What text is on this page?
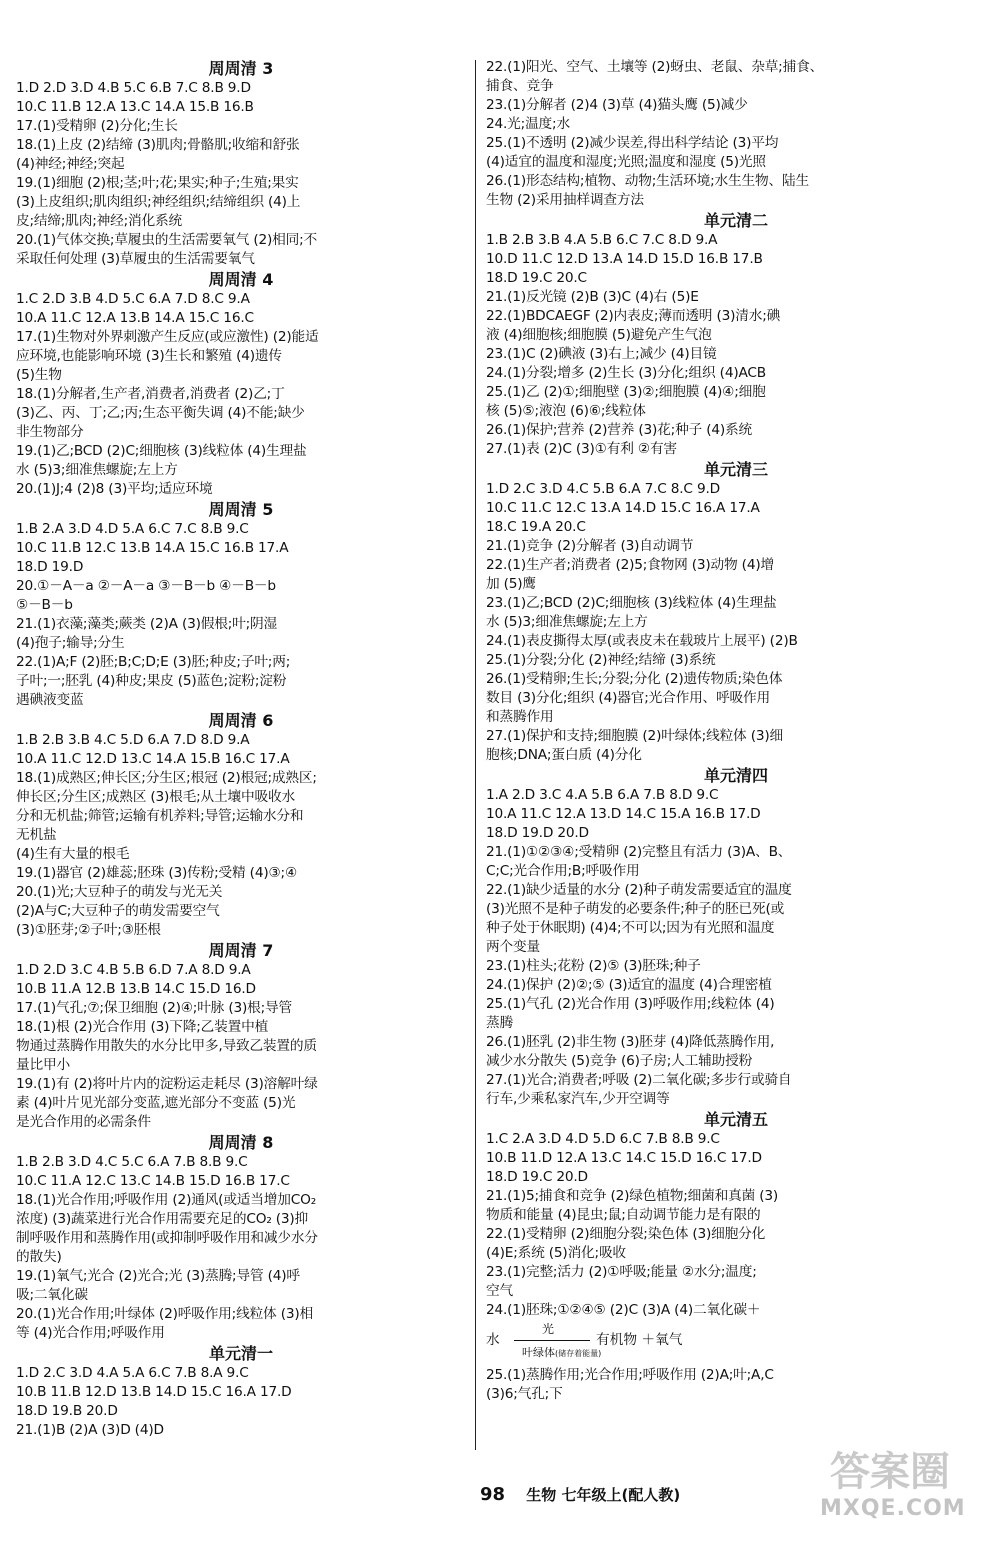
周周清 3
1.D 2.D 3.D 4.B 5.C 6.B 7.C 8.B 9.D
10.C 11.B 12.A 13.C 14.A 15.B 16.B
17.(1)受精卵 (2)分化;生长
18.(1)上皮 (2)结缔 (3)肌肉;骨骼肌;收缩和舒张
(4)神经;神经;突起
19.(1)细胞 (2)根;茎;叶;花;果实;种子;生殖;果实
(3)上皮组织;肌肉组织;神经组织;结缔组织 (4)上
皮;结缔;肌肉;神经;消化系统
20.(1)气体交换;草履虫的生活需要氧气 (2)相同;不
采取任何处理 (3)草履虫的生活需要氧气
周周清 4
1.C 2.D 3.B 4.D 5.C 6.A 7.D 8.C 9.A
10.A 11.C 12.A 13.B 14.A 15.C 16.C
17.(1)生物对外界刺激产生反应(或应激性) (2)能适
应环境,也能影响环境 (3)生长和繁殖 (4)遗传
(5)生物
18.(1)分解者,生产者,消费者,消费者 (2)乙;丁
(3)乙、丙、丁;乙;丙;生态平衡失调 (4)不能;缺少
非生物部分
19.(1)乙;BCD (2)C;细胞核 (3)线粒体 (4)生理盐
水 (5)3;细准焦螺旋;左上方
20.(1)J;4 (2)8 (3)平均;适应环境
周周清 5
1.B 2.A 3.D 4.D 5.A 6.C 7.C 8.B 9.C
10.C 11.B 12.C 13.B 14.A 15.C 16.B 17.A
18.D 19.D
20.①－A－a ②－A－a ③－B－b ④－B－b
⑤－B－b
21.(1)衣藻;藻类;蕨类 (2)A (3)假根;叶;阴湿
(4)孢子;输导;分生
22.(1)A;F (2)胚;B;C;D;E (3)胚;种皮;子叶;两;
子叶;一;胚乳 (4)种皮;果皮 (5)蓝色;淀粉;淀粉
遇碘液变蓝
周周清 6
1.B 2.B 3.B 4.C 5.D 6.A 7.D 8.D 9.A
10.A 11.C 12.D 13.C 14.A 15.B 16.C 17.A
18.(1)成熟区;伸长区;分生区;根冠 (2)根冠;成熟区;
伸长区;分生区;成熟区 (3)根毛;从土壤中吸收水
分和无机盐;筛管;运输有机养料;导管;运输水分和
无机盐
(4)生有大量的根毛
19.(1)器官 (2)雄蕊;胚珠 (3)传粉;受精 (4)③;④
20.(1)光;大豆种子的萌发与光无关
(2)A与C;大豆种子的萌发需要空气
(3)①胚芽;②子叶;③胚根
周周清 7
1.D 2.D 3.C 4.B 5.B 6.D 7.A 8.D 9.A
10.B 11.A 12.B 13.B 14.C 15.D 16.D
17.(1)气孔;⑦;保卫细胞 (2)④;叶脉 (3)根;导管
18.(1)根 (2)光合作用 (3)下降;乙装置中植
物通过蒸腾作用散失的水分比甲多,导致乙装置的质
量比甲小
19.(1)有 (2)将叶片内的淀粉运走耗尽 (3)溶解叶绿
素 (4)叶片见光部分变蓝,遮光部分不变蓝 (5)光
是光合作用的必需条件
周周清 8
1.B 2.B 3.D 4.C 5.C 6.A 7.B 8.B 9.C
10.C 11.A 12.C 13.C 14.B 15.D 16.B 17.C
18.(1)光合作用;呼吸作用 (2)通风(或适当增加CO₂
浓度) (3)蔬菜进行光合作用需要充足的CO₂ (3)抑
制呼吸作用和蒸腾作用(或抑制呼吸作用和减少水分
的散失)
19.(1)氧气;光合 (2)光合;光 (3)蒸腾;导管 (4)呼
吸;二氧化碳
20.(1)光合作用;叶绿体 (2)呼吸作用;线粒体 (3)相
等 (4)光合作用;呼吸作用
单元清一
1.D 2.C 3.D 4.A 5.A 6.C 7.B 8.A 9.C
10.B 11.B 12.D 13.B 14.D 15.C 16.A 17.D
18.D 19.B 20.D
21.(1)B (2)A (3)D (4)D
22.(1)阳光、空气、土壤等 (2)蚜虫、老鼠、杂草;捕食、
捕食、竞争
23.(1)分解者 (2)4 (3)草 (4)猫头鹰 (5)减少
24.光;温度;水
25.(1)不透明 (2)减少误差,得出科学结论 (3)平均
(4)适宜的温度和湿度;光照;温度和湿度 (5)光照
26.(1)形态结构;植物、动物;生活环境;水生生物、陆生
生物 (2)采用抽样调查方法
单元清二
1.B 2.B 3.B 4.A 5.B 6.C 7.C 8.D 9.A
10.D 11.C 12.D 13.A 14.D 15.D 16.B 17.B
18.D 19.C 20.C
21.(1)反光镜 (2)B (3)C (4)右 (5)E
22.(1)BDCAEGF (2)内表皮;薄而透明 (3)清水;碘
液 (4)细胞核;细胞膜 (5)避免产生气泡
23.(1)C (2)碘液 (3)右上;减少 (4)目镜
24.(1)分裂;增多 (2)生长 (3)分化;组织 (4)ACB
25.(1)乙 (2)①;细胞壁 (3)②;细胞膜 (4)④;细胞
核 (5)⑤;液泡 (6)⑥;线粒体
26.(1)保护;营养 (2)营养 (3)花;种子 (4)系统
27.(1)表 (2)C (3)①有利 ②有害
单元清三
1.D 2.C 3.D 4.C 5.B 6.A 7.C 8.C 9.D
10.C 11.C 12.C 13.A 14.D 15.C 16.A 17.A
18.C 19.A 20.C
21.(1)竞争 (2)分解者 (3)自动调节
22.(1)生产者;消费者 (2)5;食物网 (3)动物 (4)增
加 (5)鹰
23.(1)乙;BCD (2)C;细胞核 (3)线粒体 (4)生理盐
水 (5)3;细准焦螺旋;左上方
24.(1)表皮撕得太厚(或表皮未在载玻片上展平) (2)B
25.(1)分裂;分化 (2)神经;结缔 (3)系统
26.(1)受精卵;生长;分裂;分化 (2)遗传物质;染色体
数目 (3)分化;组织 (4)器官;光合作用、呼吸作用
和蒸腾作用
27.(1)保护和支持;细胞膜 (2)叶绿体;线粒体 (3)细
胞核;DNA;蛋白质 (4)分化
单元清四
1.A 2.D 3.C 4.A 5.B 6.A 7.B 8.D 9.C
10.A 11.C 12.A 13.D 14.C 15.A 16.B 17.D
18.D 19.D 20.D
21.(1)①②③④;受精卵 (2)完整且有活力 (3)A、B、
C;C;光合作用;B;呼吸作用
22.(1)缺少适量的水分 (2)种子萌发需要适宜的温度
(3)光照不是种子萌发的必要条件;种子的胚已死(或
种子处于休眠期) (4)4;不可以;因为有光照和温度
两个变量
23.(1)柱头;花粉 (2)⑤ (3)胚珠;种子
24.(1)保护 (2)②;⑤ (3)适宜的温度 (4)合理密植
25.(1)气孔 (2)光合作用 (3)呼吸作用;线粒体 (4)
蒸腾
26.(1)胚乳 (2)非生物 (3)胚芽 (4)降低蒸腾作用,
减少水分散失 (5)竞争 (6)子房;人工辅助授粉
27.(1)光合;消费者;呼吸 (2)二氧化碳;多步行或骑自
行车,少乘私家汽车,少开空调等
单元清五
1.C 2.A 3.D 4.D 5.D 6.C 7.B 8.B 9.C
10.B 11.D 12.A 13.C 14.C 15.D 16.C 17.D
18.D 19.C 20.D
21.(1)5;捕食和竞争 (2)绿色植物;细菌和真菌 (3)
物质和能量 (4)昆虫;鼠;自动调节能力是有限的
22.(1)受精卵 (2)细胞分裂;染色体 (3)细胞分化
(4)E;系统 (5)消化;吸收
23.(1)完整;活力 (2)①呼吸;能量 ②水分;温度;
空气
24.(1)胚珠;①②④⑤ (2)C (3)A (4)二氧化碳＋
水
光
叶绿体(储存着能量)
有机物 ＋氧气
25.(1)蒸腾作用;光合作用;呼吸作用 (2)A;叶;A,C
(3)6;气孔;下
98 生物 七年级上(配人教)	答案圈
MXQE.COM
